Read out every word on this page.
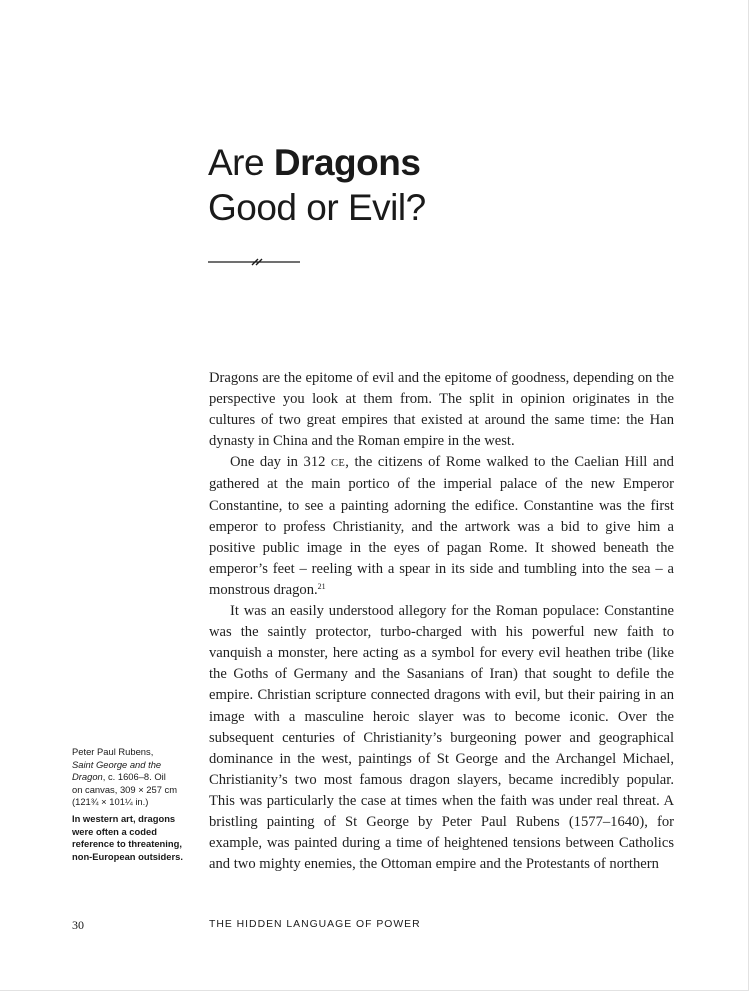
Are Dragons
Good or Evil?

Dragons are the epitome of evil and the epitome of goodness, depending on the perspective you look at them from. The split in opinion originates in the cultures of two great empires that existed at around the same time: the Han dynasty in China and the Roman empire in the west.

One day in 312 CE, the citizens of Rome walked to the Caelian Hill and gathered at the main portico of the imperial palace of the new Emperor Constantine, to see a painting adorning the edifice. Constantine was the first emperor to profess Christianity, and the artwork was a bid to give him a positive public image in the eyes of pagan Rome. It showed beneath the emperor’s feet – reeling with a spear in its side and tumbling into the sea – a monstrous dragon.$^{21}$

It was an easily understood allegory for the Roman populace: Constantine was the saintly protector, turbo-charged with his powerful new faith to vanquish a monster, here acting as a symbol for every evil heathen tribe (like the Goths of Germany and the Sasanians of Iran) that sought to defile the empire. Christian scripture connected dragons with evil, but their pairing in an image with a masculine heroic slayer was to become iconic. Over the subsequent centuries of Christianity’s burgeoning power and geographical dominance in the west, paintings of St George and the Archangel Michael, Christianity’s two most famous dragon slayers, became incredibly popular. This was particularly the case at times when the faith was under real threat. A bristling painting of St George by Peter Paul Rubens (1577–1640), for example, was painted during a time of heightened tensions between Catholics and two mighty enemies, the Ottoman empire and the Protestants of northern

Peter Paul Rubens,
Saint George and the Dragon, c. 1606–8. Oil
on canvas, 309 × 257 cm
(121¾ × 101¼ in.)
In western art, dragons were often a coded reference to threatening, non-European outsiders.
30	THE HIDDEN LANGUAGE OF POWER
